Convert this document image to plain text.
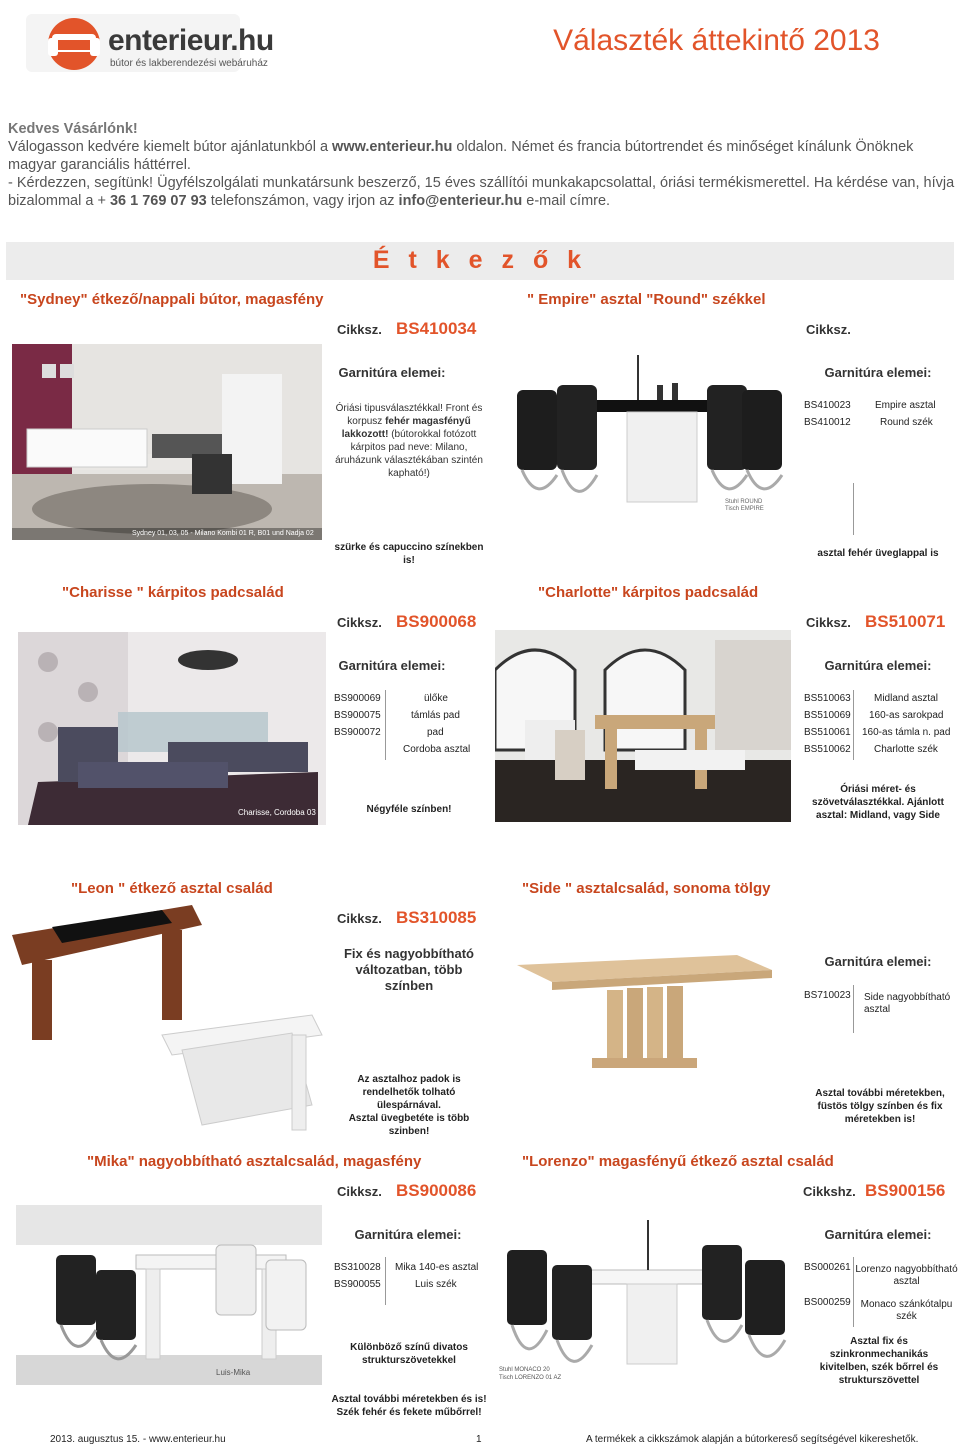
enterieur.hu
bútor és lakberendezési webáruház
Választék áttekintő 2013
Kedves Vásárlónk!
Válogasson kedvére kiemelt bútor ajánlatunkból a www.enterieur.hu oldalon. Német és francia bútortrendet és minőséget kínálunk Önöknek
magyar garanciális háttérrel.
- Kérdezzen, segítünk! Ügyfélszolgálati munkatársunk beszerző, 15 éves szállítói munkakapcsolattal, óriási termékismerettel. Ha kérdése van, hívja
bizalommal a + 36 1 769 07 93 telefonszámon, vagy irjon az info@enterieur.hu e-mail címre.
É t k e z ő k
"Sydney" étkező/nappali bútor, magasfény
Cikksz. BS410034
Sydney 01, 03, 05 - Milano Kombi 01 R, B01 und Nadja 02
Garnitúra elemei:
Óriási tipusválasztékkal! Front és
korpusz fehér magasfényű
lakkozott! (bútorokkal fotózott
kárpitos pad neve: Milano,
áruházunk választékában szintén
kapható!)
szürke és capuccino színekben is!
" Empire" asztal "Round" székkel
Cikksz.
Stuhl ROUND
Tisch EMPIRE
Garnitúra elemei:
BS410023 Empire asztal
BS410012	Round szék
asztal fehér üveglappal is
"Charisse " kárpitos padcsalád
Cikksz. BS900068
Charisse, Cordoba 03
Garnitúra elemei:
BS900069	ülőke
BS900075	támlás pad
BS900072	pad
Cordoba asztal
Négyféle színben!
"Charlotte" kárpitos padcsalád
Cikksz. BS510071
Garnitúra elemei:
BS510063 Midland asztal
BS510069 160-as sarokpad
BS510061 160-as támla n. pad
BS510062 Charlotte szék
Óriási méret- és
szövetválasztékkal. Ajánlott
asztal: Midland, vagy Side
"Leon " étkező asztal család
Cikksz. BS310085
Fix és nagyobbítható
változatban, több színben
Az asztalhoz padok is
rendelhetők tolható ülespárnával.
Asztal üvegbetéte is több
szinben!
"Side " asztalcsalád, sonoma tölgy
Garnitúra elemei:
BS710023 Side nagyobbítható
asztal
Asztal további méretekben,
füstös tölgy színben és fix
méretekben is!
"Mika" nagyobbítható asztalcsalád, magasfény
Cikksz. BS900086
Luis-Mika
Garnitúra elemei:
BS310028 Mika 140-es asztal
BS900055	Luis szék
Különböző színű divatos
strukturszövetekkel
Asztal további méretekben és is!
Szék fehér és fekete műbőrrel!
"Lorenzo" magasfényű étkező asztal család
Cikkshz. BS900156
Stuhl MONACO 20
Tisch LORENZO 01 AZ
Garnitúra elemei:
BS000261 Lorenzo nagyobbítható
asztal
BS000259 Monaco szánkótalpu
szék
Asztal fix és szinkronmechanikás
kivitelben, szék bőrrel és
strukturszövettel
2013. augusztus 15. - www.enterieur.hu	1	A termékek a cikkszámok alapján a bútorkereső segítségével kikereshetők.
